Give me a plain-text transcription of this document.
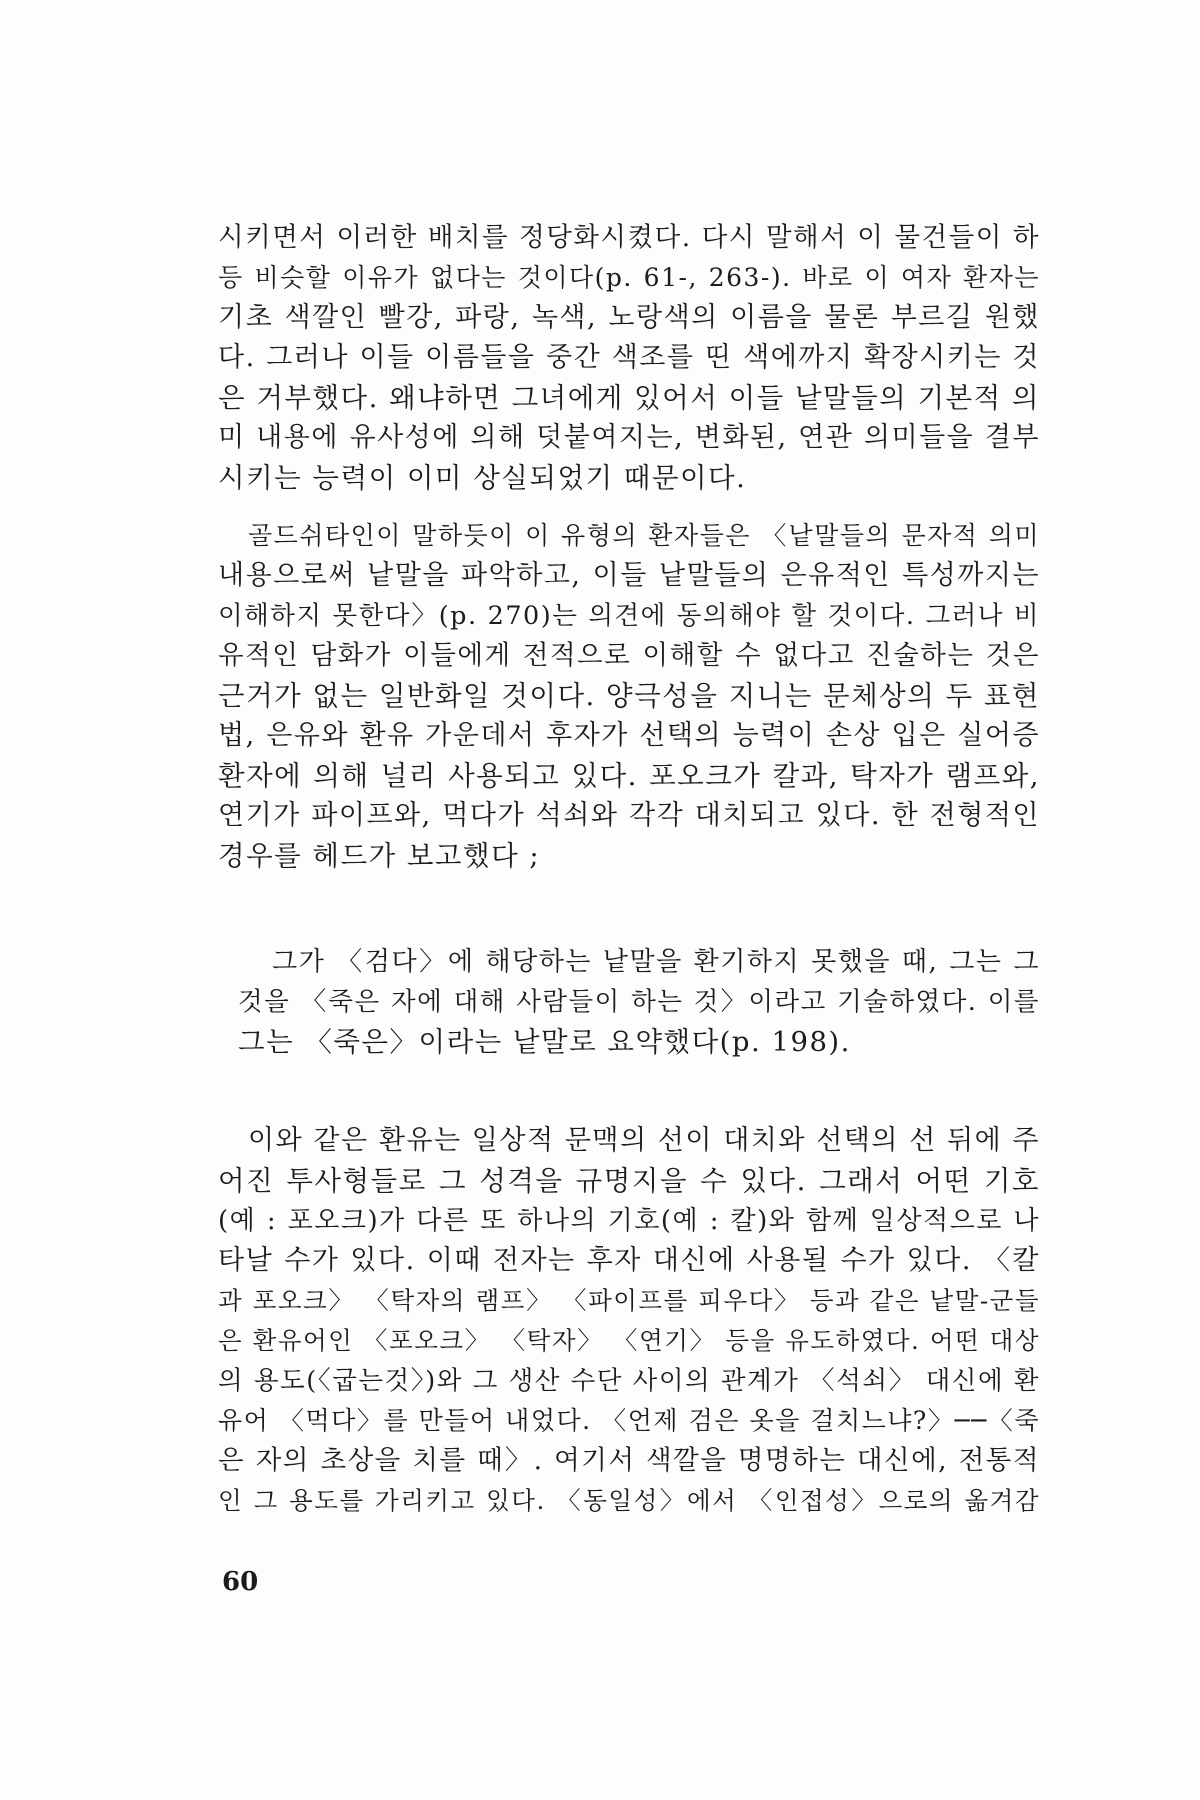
시키면서 이러한 배치를 정당화시켰다. 다시 말해서 이 물건들이 하
등 비슷할 이유가 없다는 것이다(p. 61-, 263-). 바로 이 여자 환자는
기초 색깔인 빨강, 파랑, 녹색, 노랑색의 이름을 물론 부르길 원했
다. 그러나 이들 이름들을 중간 색조를 띤 색에까지 확장시키는 것
은 거부했다. 왜냐하면 그녀에게 있어서 이들 낱말들의 기본적 의
미 내용에 유사성에 의해 덧붙여지는, 변화된, 연관 의미들을 결부
시키는 능력이 이미 상실되었기 때문이다.
골드쉬타인이 말하듯이 이 유형의 환자들은 〈낱말들의 문자적 의미
내용으로써 낱말을 파악하고, 이들 낱말들의 은유적인 특성까지는
이해하지 못한다〉(p. 270)는 의견에 동의해야 할 것이다. 그러나 비
유적인 담화가 이들에게 전적으로 이해할 수 없다고 진술하는 것은
근거가 없는 일반화일 것이다. 양극성을 지니는 문체상의 두 표현
법, 은유와 환유 가운데서 후자가 선택의 능력이 손상 입은 실어증
환자에 의해 널리 사용되고 있다. 포오크가 칼과, 탁자가 램프와,
연기가 파이프와, 먹다가 석쇠와 각각 대치되고 있다. 한 전형적인
경우를 헤드가 보고했다 ;
그가 〈검다〉에 해당하는 낱말을 환기하지 못했을 때, 그는 그
것을 〈죽은 자에 대해 사람들이 하는 것〉이라고 기술하였다. 이를
그는 〈죽은〉이라는 낱말로 요약했다(p. 198).
이와 같은 환유는 일상적 문맥의 선이 대치와 선택의 선 뒤에 주
어진 투사형들로 그 성격을 규명지을 수 있다. 그래서 어떤 기호
(예 : 포오크)가 다른 또 하나의 기호(예 : 칼)와 함께 일상적으로 나
타날 수가 있다. 이때 전자는 후자 대신에 사용될 수가 있다. 〈칼
과 포오크〉 〈탁자의 램프〉 〈파이프를 피우다〉 등과 같은 낱말-군들
은 환유어인 〈포오크〉 〈탁자〉 〈연기〉 등을 유도하였다. 어떤 대상
의 용도(〈굽는것〉)와 그 생산 수단 사이의 관계가 〈석쇠〉 대신에 환
유어 〈먹다〉를 만들어 내었다. 〈언제 검은 옷을 걸치느냐?〉──〈죽
은 자의 초상을 치를 때〉. 여기서 색깔을 명명하는 대신에, 전통적
인 그 용도를 가리키고 있다. 〈동일성〉에서 〈인접성〉으로의 옮겨감
60
